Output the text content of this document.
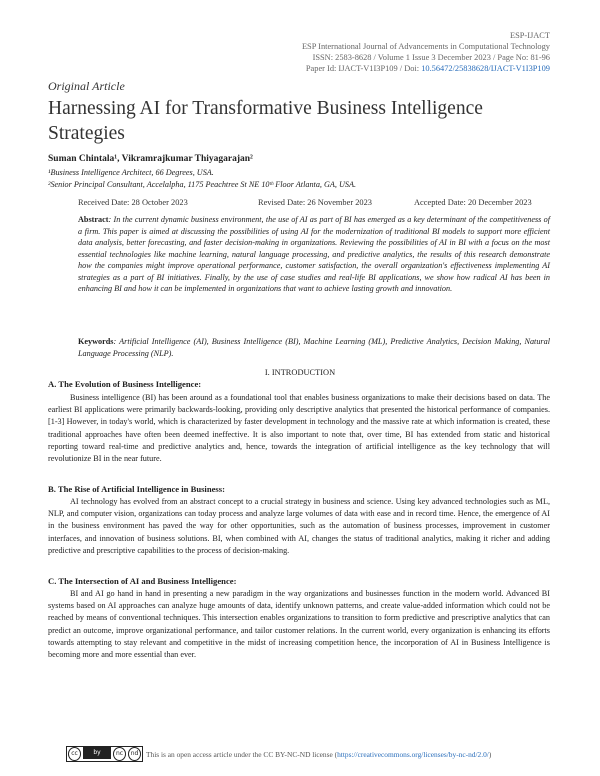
ESP-IJACT
ESP International Journal of Advancements in Computational Technology
ISSN: 2583-8628 / Volume 1 Issue 3 December 2023 / Page No: 81-96
Paper Id: IJACT-V1I3P109 / Doi: 10.56472/25838628/IJACT-V1I3P109
Original Article
Harnessing AI for Transformative Business Intelligence Strategies
Suman Chintala¹, Vikramrajkumar Thiyagarajan²
¹Business Intelligence Architect, 66 Degrees, USA.
²Senior Principal Consultant, Accelalpha, 1175 Peachtree St NE 10ᵗʰ Floor Atlanta, GA, USA.
Received Date: 28 October 2023	Revised Date: 26 November 2023	Accepted Date: 20 December 2023
Abstract: In the current dynamic business environment, the use of AI as part of BI has emerged as a key determinant of the competitiveness of a firm. This paper is aimed at discussing the possibilities of using AI for the modernization of traditional BI models to support more efficient data analysis, better forecasting, and faster decision-making in organizations. Reviewing the possibilities of AI in BI with a focus on the most essential technologies like machine learning, natural language processing, and predictive analytics, the results of this research demonstrate how the companies might improve operational performance, customer satisfaction, the overall organization's effectiveness implementing AI strategies as a part of BI initiatives. Finally, by the use of case studies and real-life BI applications, we show how radical AI has been in enhancing BI and how it can be implemented in organizations that want to achieve lasting growth and innovation.
Keywords: Artificial Intelligence (AI), Business Intelligence (BI), Machine Learning (ML), Predictive Analytics, Decision Making, Natural Language Processing (NLP).
I. INTRODUCTION
A. The Evolution of Business Intelligence:
Business intelligence (BI) has been around as a foundational tool that enables business organizations to make their decisions based on data. The earliest BI applications were primarily backwards-looking, providing only descriptive analytics that presented the historical performance of companies. [1-3] However, in today's world, which is characterized by faster development in technology and the massive rate at which information is created, these traditional approaches have often been deemed ineffective. It is also important to note that, over time, BI has extended from static and historical reporting toward real-time and predictive analytics and, hence, towards the integration of artificial intelligence as the key technology that will revolutionize BI in the near future.
B. The Rise of Artificial Intelligence in Business:
AI technology has evolved from an abstract concept to a crucial strategy in business and science. Using key advanced technologies such as ML, NLP, and computer vision, organizations can today process and analyze large volumes of data with ease and in record time. Hence, the emergence of AI in the business environment has paved the way for other opportunities, such as the automation of business processes, improvement in customer interfaces, and innovation of business solutions. BI, when combined with AI, changes the status of traditional analytics, making it richer and adding predictive and prescriptive capabilities to the process of decision-making.
C. The Intersection of AI and Business Intelligence:
BI and AI go hand in hand in presenting a new paradigm in the way organizations and businesses function in the modern world. Advanced BI systems based on AI approaches can analyze huge amounts of data, identify unknown patterns, and create value-added information which could not be reached by means of conventional techniques. This intersection enables organizations to transition to form predictive and prescriptive analytics that can predict an outcome, improve organizational performance, and tailor customer relations. In the current world, every organization is enhancing its efforts towards attempting to stay relevant and competitive in the midst of increasing competition hence, the incorporation of AI in Business Intelligence is becoming more and more essential than ever.
cc	by	nc	nd	This is an open access article under the CC BY-NC-ND license ( https://creativecommons.org/licenses/by-nc-nd/2.0/ )
